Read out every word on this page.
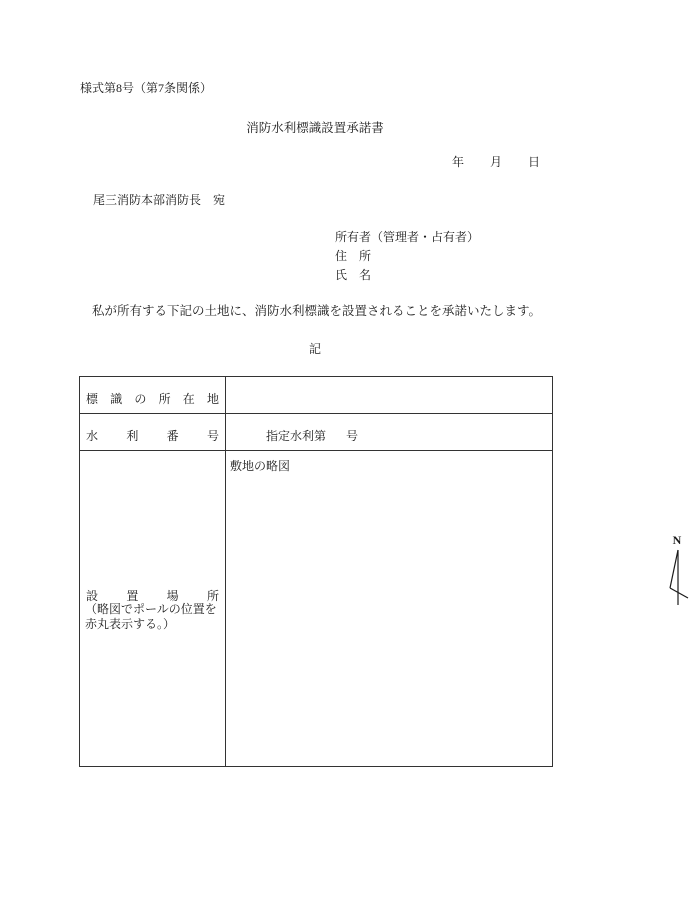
様式第8号（第7条関係）
消防水利標識設置承諾書
年 月 日
尾三消防本部消防長　宛
所有者（管理者・占有者）
住　所
氏　名
私が所有する下記の土地に、消防水利標識を設置されることを承諾いたします。
記
標 識 の 所 在 地
水 利 番 号	指定水利第 号
設 置 場 所
（略図でポールの位置を赤丸表示する。）
敷地の略図
N
